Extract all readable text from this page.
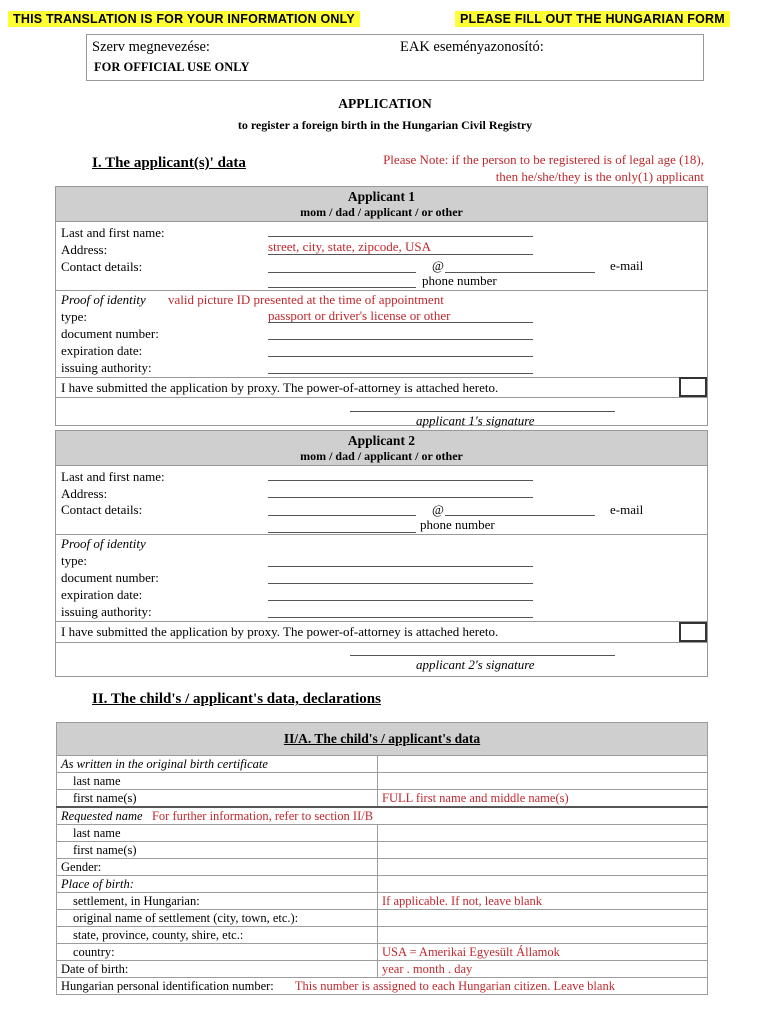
THIS TRANSLATION IS FOR YOUR INFORMATION ONLY	PLEASE FILL OUT THE HUNGARIAN FORM
Szerv megnevezése:
FOR OFFICIAL USE ONLY
EAK eseményazonosító:
APPLICATION
to register a foreign birth in the Hungarian Civil Registry
I. The applicant(s)' data	Please Note: if the person to be registered is of legal age (18),
then he/she/they is the only(1) applicant
Applicant 1
mom / dad / applicant / or other
Last and first name:
Address:	street, city, state, zipcode, USA
Contact details:	@	e-mail
phone number
Proof of identity valid picture ID presented at the time of appointment
type:	passport or driver's license or other
document number:
expiration date:
issuing authority:
I have submitted the application by proxy. The power-of-attorney is attached hereto.
applicant 1's signature
Applicant 2
mom / dad / applicant / or other
Last and first name:
Address:
Contact details:	@	e-mail
phone number
Proof of identity
type:
document number:
expiration date:
issuing authority:
I have submitted the application by proxy. The power-of-attorney is attached hereto.
applicant 2's signature
II. The child's / applicant's data, declarations
II/A. The child's / applicant's data	
As written in the original birth certificate	
last name	
first name(s)	FULL first name and middle name(s)
Requested name For further information, refer to section II/B	
last name	
first name(s)	
Gender:	
Place of birth:	
settlement, in Hungarian:	If applicable. If not, leave blank
original name of settlement (city, town, etc.):	
state, province, county, shire, etc.:	
country:	USA = Amerikai Egyesült Államok
Date of birth:	year . month . day
Hungarian personal identification number: This number is assigned to each Hungarian citizen. Leave blank	
